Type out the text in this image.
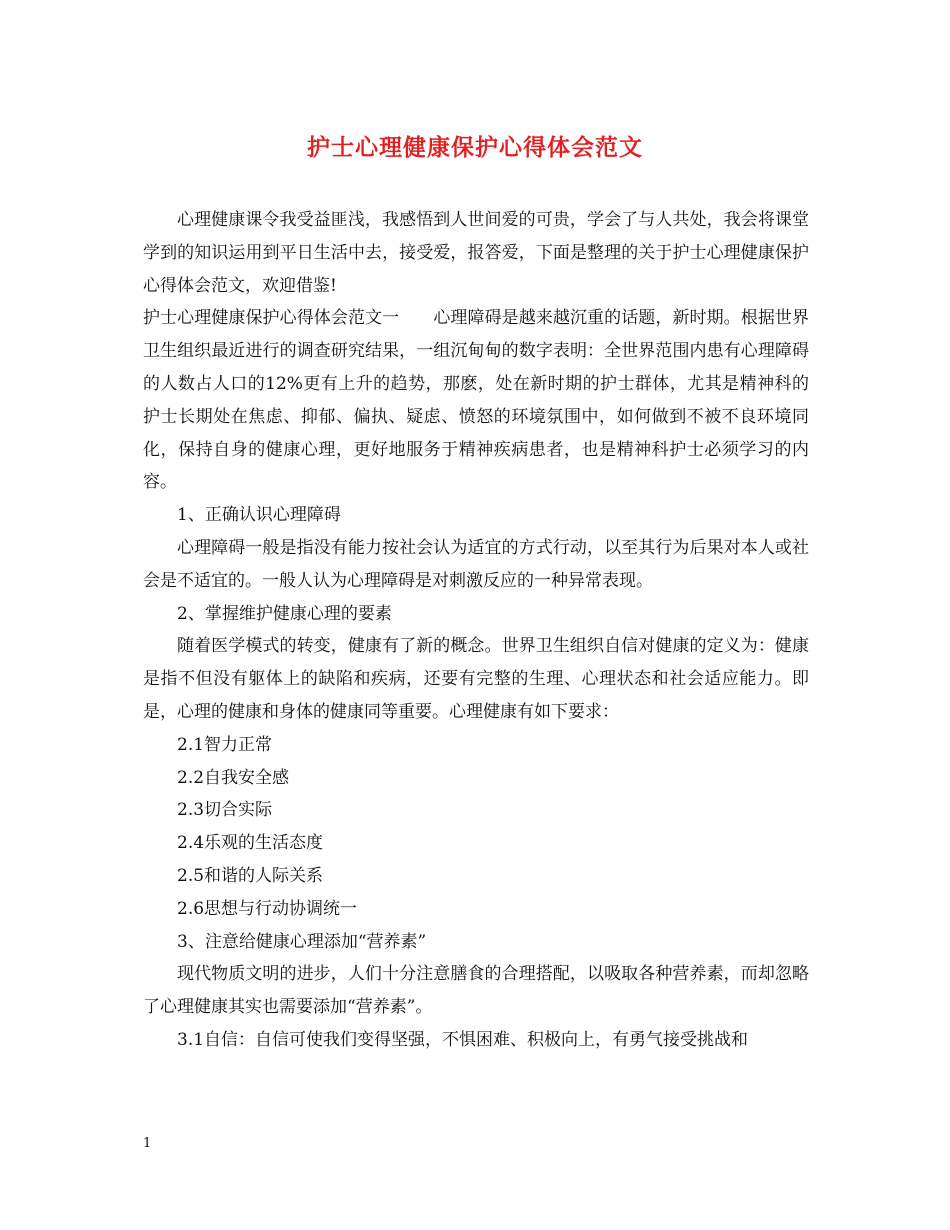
护士心理健康保护心得体会范文

心理健康课令我受益匪浅，我感悟到人世间爱的可贵，学会了与人共处，我会将课堂学到的知识运用到平日生活中去，接受爱，报答爱，下面是整理的关于护士心理健康保护心得体会范文，欢迎借鉴!

护士心理健康保护心得体会范文一　　心理障碍是越来越沉重的话题，新时期。根据世界卫生组织最近进行的调查研究结果，一组沉甸甸的数字表明：全世界范围内患有心理障碍的人数占人口的12%更有上升的趋势，那麽，处在新时期的护士群体，尤其是精神科的护士长期处在焦虑、抑郁、偏执、疑虑、愤怒的环境氛围中，如何做到不被不良环境同化，保持自身的健康心理，更好地服务于精神疾病患者，也是精神科护士必须学习的内容。

1、正确认识心理障碍

心理障碍一般是指没有能力按社会认为适宜的方式行动，以至其行为后果对本人或社会是不适宜的。一般人认为心理障碍是对刺激反应的一种异常表现。

2、掌握维护健康心理的要素

随着医学模式的转变，健康有了新的概念。世界卫生组织自信对健康的定义为：健康是指不但没有躯体上的缺陷和疾病，还要有完整的生理、心理状态和社会适应能力。即是，心理的健康和身体的健康同等重要。心理健康有如下要求：

2.1智力正常

2.2自我安全感

2.3切合实际

2.4乐观的生活态度

2.5和谐的人际关系

2.6思想与行动协调统一

3、注意给健康心理添加“营养素”

现代物质文明的进步，人们十分注意膳食的合理搭配，以吸取各种营养素，而却忽略了心理健康其实也需要添加“营养素”。

3.1自信：自信可使我们变得坚强，不惧困难、积极向上，有勇气接受挑战和

1
